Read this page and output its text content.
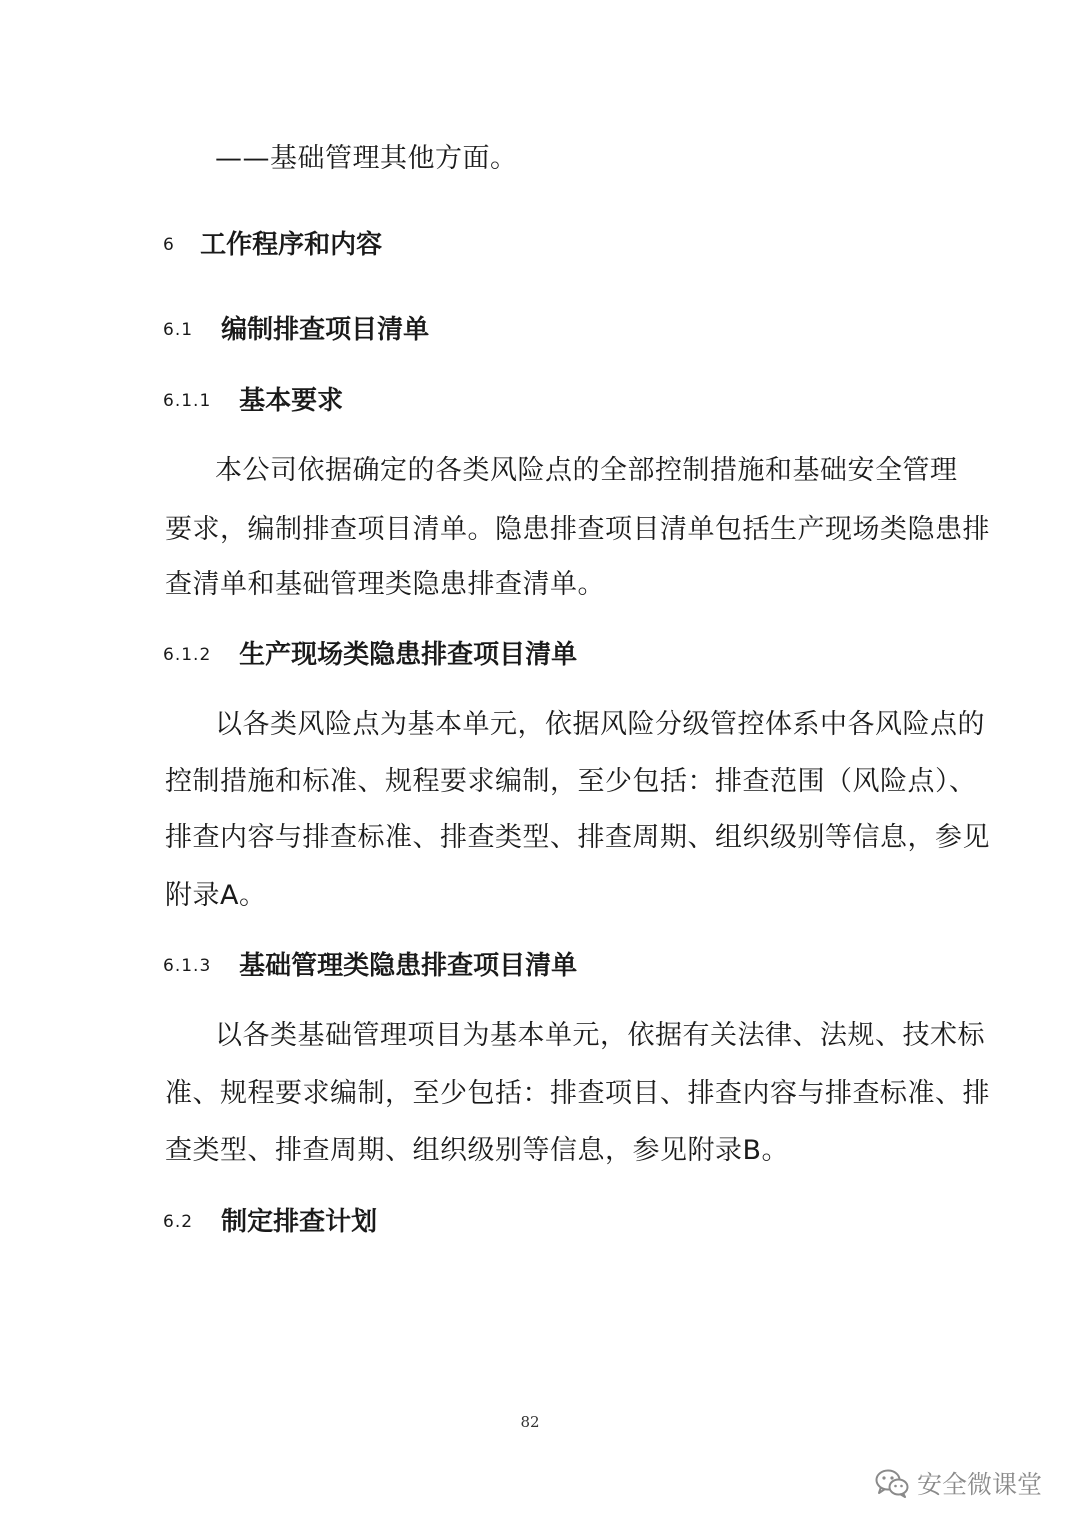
——基础管理其他方面。
6 工作程序和内容
6.1 编制排查项目清单
6.1.1 基本要求
本公司依据确定的各类风险点的全部控制措施和基础安全管理
要求，编制排查项目清单。隐患排查项目清单包括生产现场类隐患排
查清单和基础管理类隐患排查清单。
6.1.2 生产现场类隐患排查项目清单
以各类风险点为基本单元，依据风险分级管控体系中各风险点的
控制措施和标准、规程要求编制，至少包括：排查范围（风险点）、
排查内容与排查标准、排查类型、排查周期、组织级别等信息，参见
附录A。
6.1.3 基础管理类隐患排查项目清单
以各类基础管理项目为基本单元，依据有关法律、法规、技术标
准、规程要求编制，至少包括：排查项目、排查内容与排查标准、排
查类型、排查周期、组织级别等信息，参见附录B。
6.2 制定排查计划
82
安全微课堂
